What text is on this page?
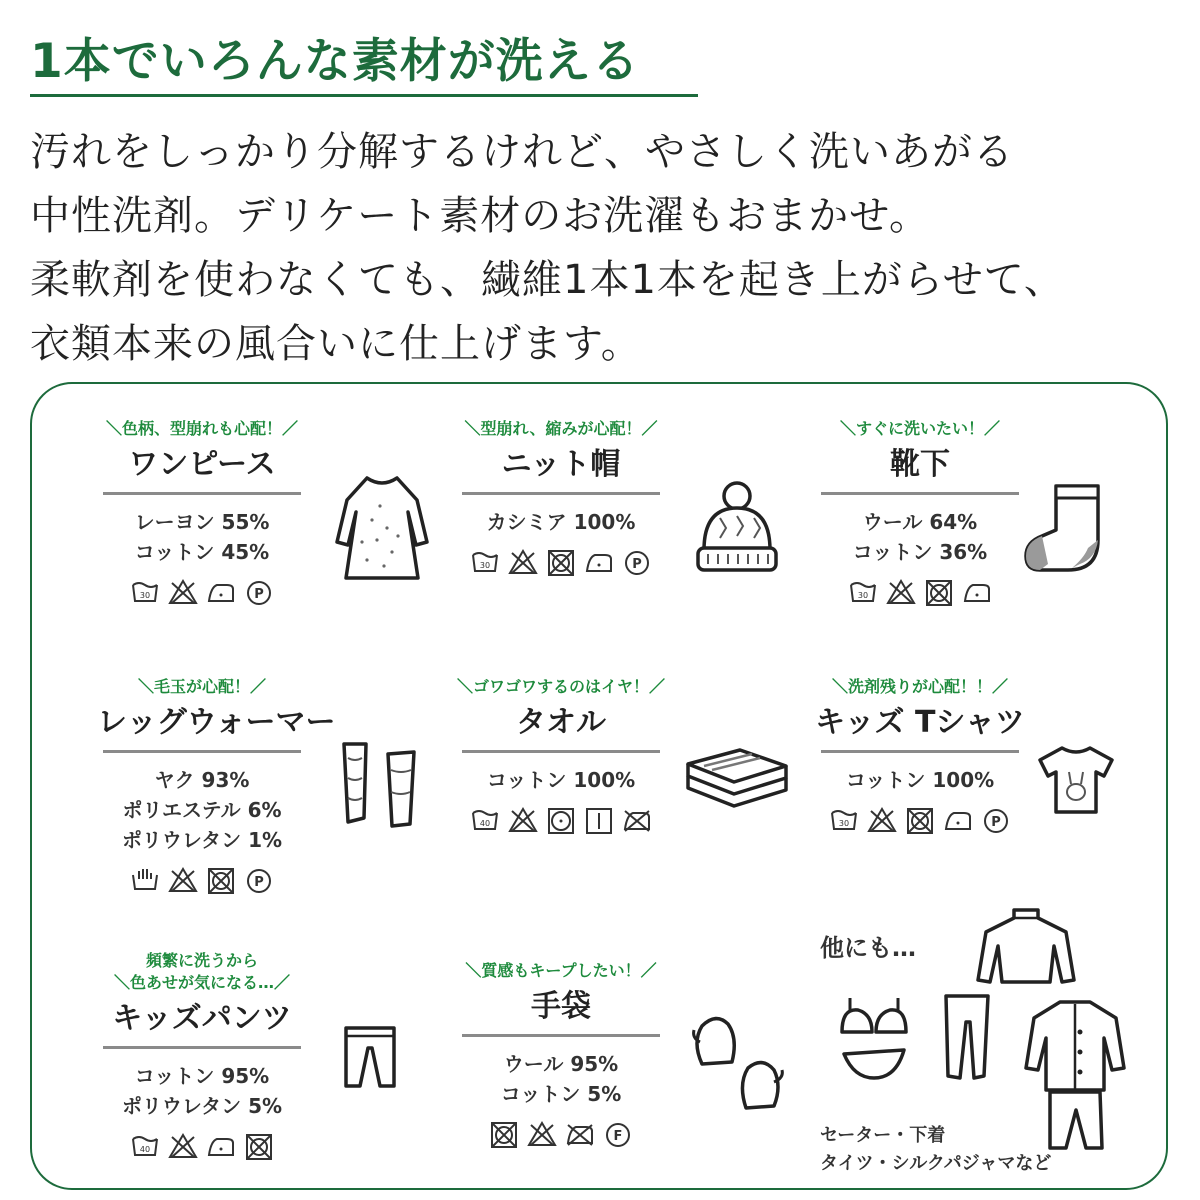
1本でいろんな素材が洗える
汚れをしっかり分解するけれど、やさしく洗いあがる
中性洗剤。デリケート素材のお洗濯もおまかせ。
柔軟剤を使わなくても、繊維1本1本を起き上がらせて、
衣類本来の風合いに仕上げます。
＼色柄、型崩れも心配！／
ワンピース
レーヨン 55%
コットン 45%
30	P
＼型崩れ、縮みが心配！／
ニット帽
カシミア 100%
30	P
＼すぐに洗いたい！／
靴下
ウール 64%
コットン 36%
30
＼毛玉が心配！／
レッグウォーマー
ヤク 93%
ポリエステル 6%
ポリウレタン 1%
P
＼ゴワゴワするのはイヤ！／
タオル
コットン 100%
40
＼洗剤残りが心配！！／
キッズ Tシャツ
コットン 100%
30	P
頻繁に洗うから
＼色あせが気になる…／
キッズパンツ
コットン 95%
ポリウレタン 5%
40
＼質感もキープしたい！／
手袋
ウール 95%
コットン 5%
F
他にも…
セーター・下着
タイツ・シルクパジャマなど
